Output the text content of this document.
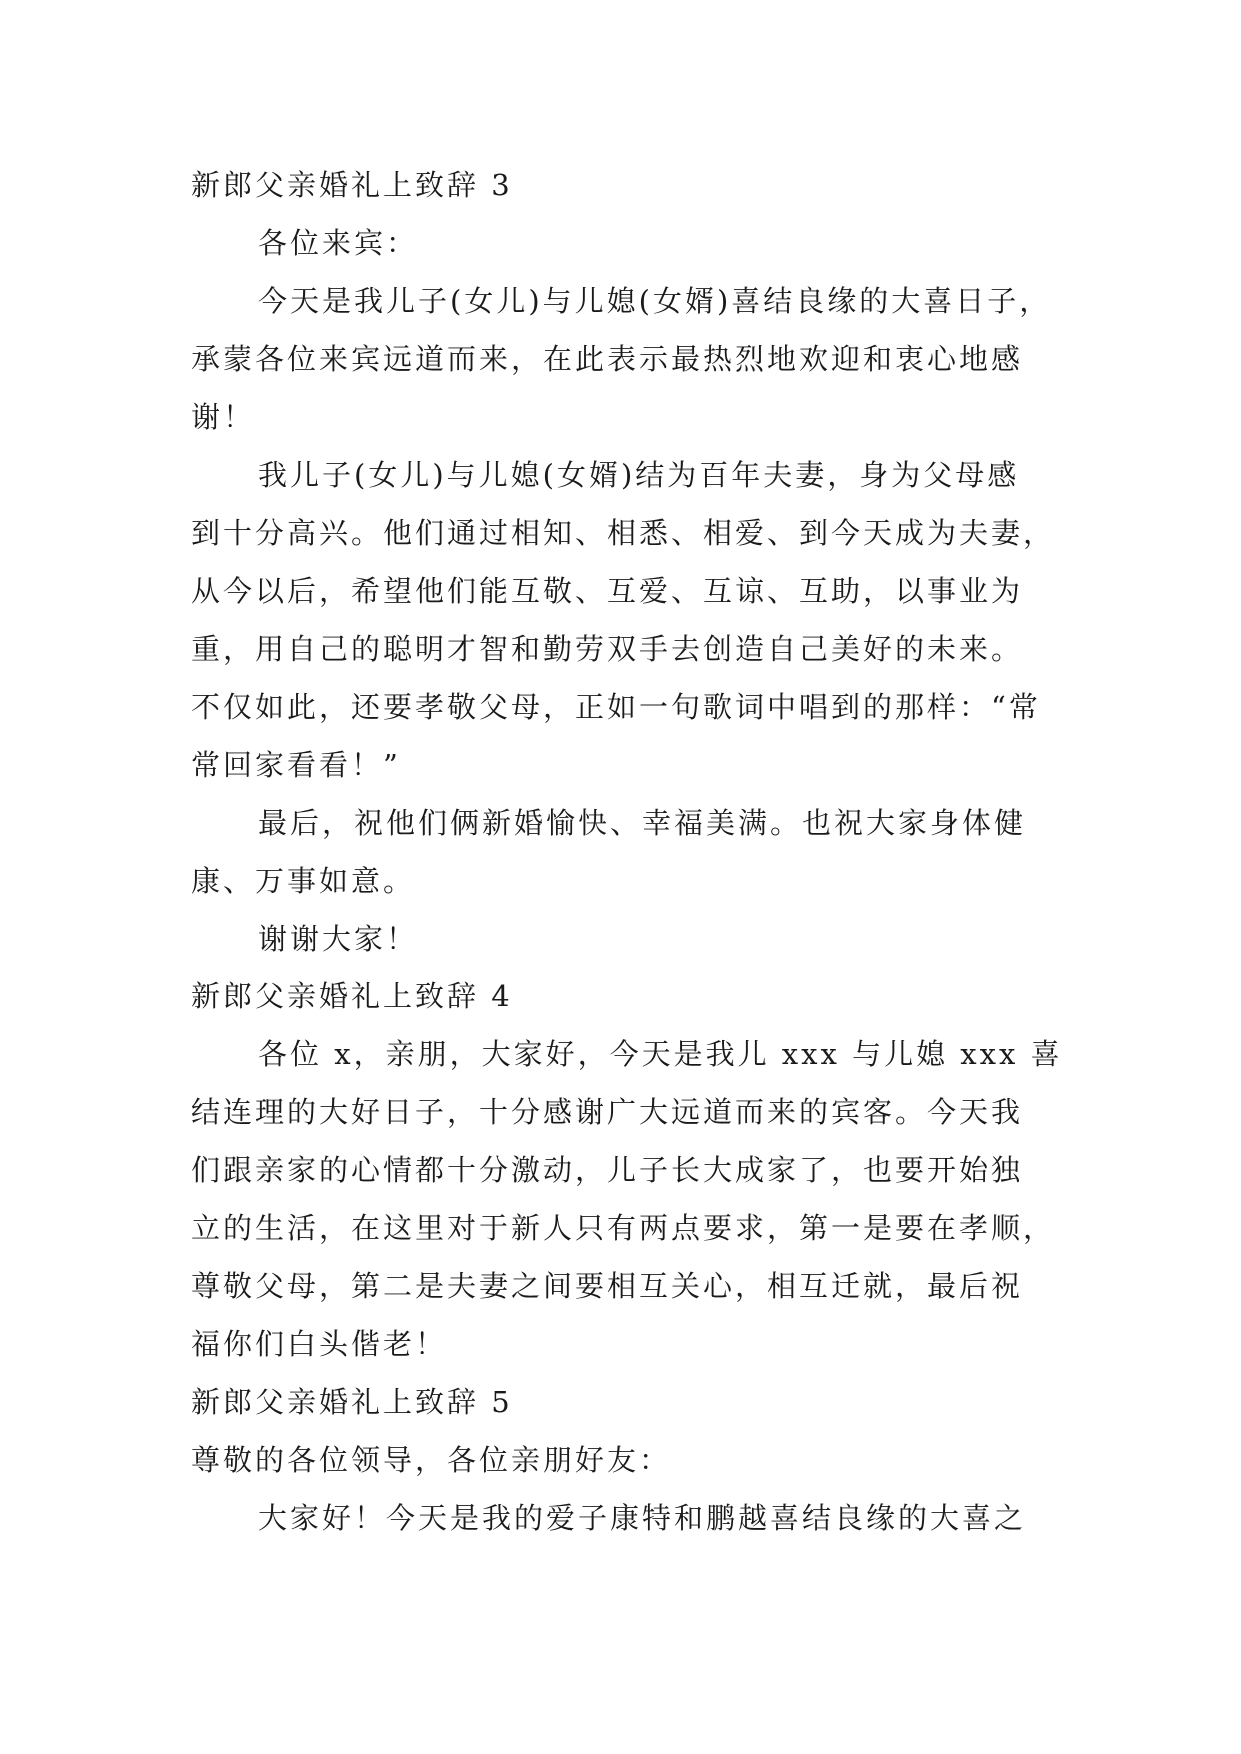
新郎父亲婚礼上致辞 3

各位来宾：

今天是我儿子(女儿)与儿媳(女婿)喜结良缘的大喜日子，

承蒙各位来宾远道而来，在此表示最热烈地欢迎和衷心地感

谢！

我儿子(女儿)与儿媳(女婿)结为百年夫妻，身为父母感

到十分高兴。他们通过相知、相悉、相爱、到今天成为夫妻，

从今以后，希望他们能互敬、互爱、互谅、互助，以事业为

重，用自己的聪明才智和勤劳双手去创造自己美好的未来。

不仅如此，还要孝敬父母，正如一句歌词中唱到的那样：“常

常回家看看！”

最后，祝他们俩新婚愉快、幸福美满。也祝大家身体健

康、万事如意。

谢谢大家！

新郎父亲婚礼上致辞 4

各位 x，亲朋，大家好，今天是我儿 xxx 与儿媳 xxx 喜

结连理的大好日子，十分感谢广大远道而来的宾客。今天我

们跟亲家的心情都十分激动，儿子长大成家了，也要开始独

立的生活，在这里对于新人只有两点要求，第一是要在孝顺，

尊敬父母，第二是夫妻之间要相互关心，相互迁就，最后祝

福你们白头偕老！

新郎父亲婚礼上致辞 5

尊敬的各位领导，各位亲朋好友：

大家好！今天是我的爱子康特和鹏越喜结良缘的大喜之
